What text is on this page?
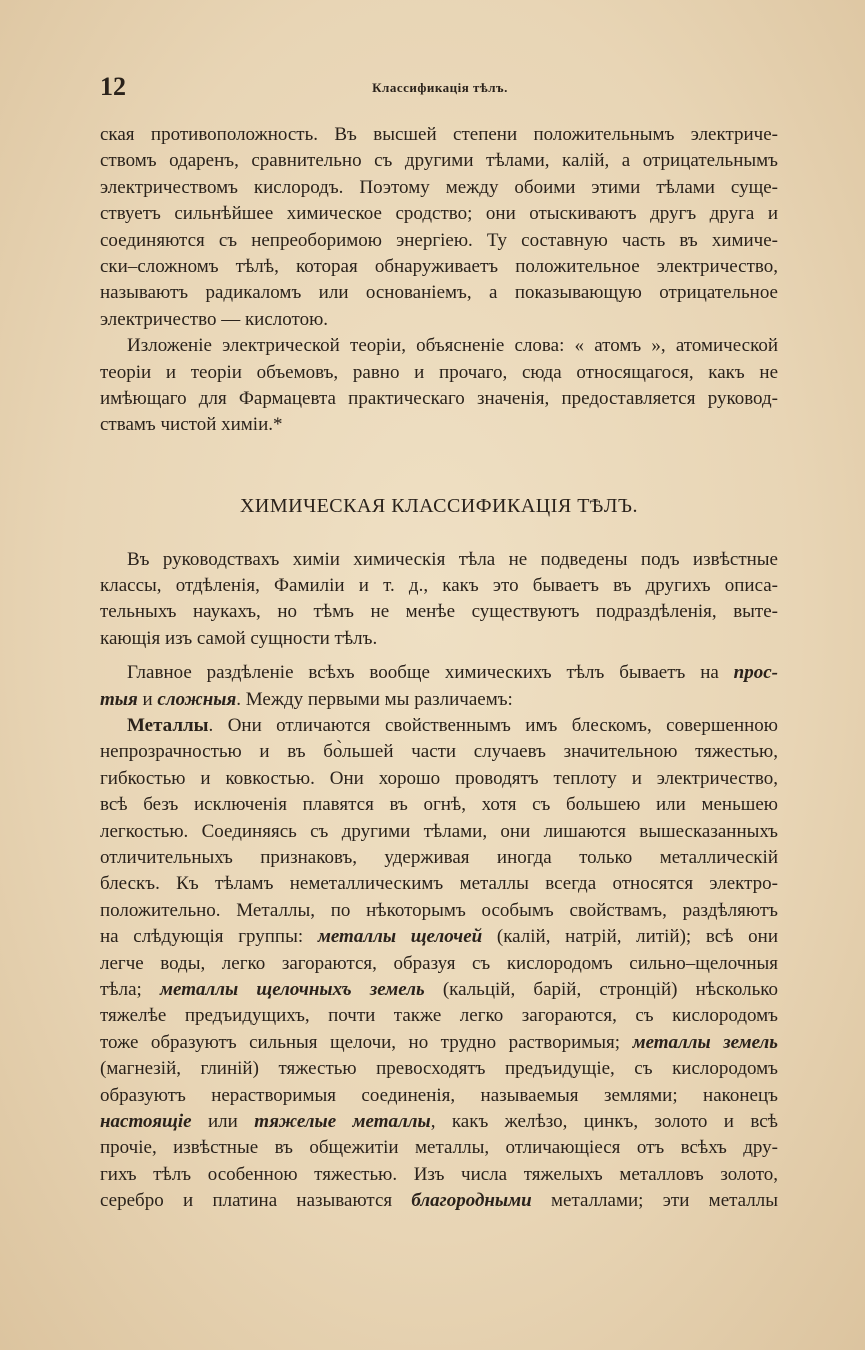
12	Классификація тѣлъ.
ская противоположность. Въ высшей степени положительнымъ электриче-
ствомъ одаренъ, сравнительно съ другими тѣлами, калій, а отрицательнымъ
электричествомъ кислородъ. Поэтому между обоими этими тѣлами суще-
ствуетъ сильнѣйшее химическое сродство; они отыскиваютъ другъ друга и
соединяются съ непреоборимою энергіею. Ту составную часть въ химиче-
ски–сложномъ тѣлѣ, которая обнаруживаетъ положительное электричество,
называютъ радикаломъ или основаніемъ, а показывающую отрицательное
электричество — кислотою.
Изложеніе электрической теоріи, объясненіе слова: « атомъ », атомической
теоріи и теоріи объемовъ, равно и прочаго, сюда относящагося, какъ не
имѣющаго для Фармацевта практическаго значенія, предоставляется руковод-
ствамъ чистой химіи.*
ХИМИЧЕСКАЯ КЛАССИФИКАЦІЯ ТѢЛЪ.
Въ руководствахъ химіи химическія тѣла не подведены подъ извѣстные
классы, отдѣленія, Фамиліи и т. д., какъ это бываетъ въ другихъ описа-
тельныхъ наукахъ, но тѣмъ не менѣе существуютъ подраздѣленія, выте-
кающія изъ самой сущности тѣлъ.
Главное раздѣленіе всѣхъ вообще химическихъ тѣлъ бываетъ на прос-
тыя и сложныя. Между первыми мы различаемъ:
Металлы. Они отличаются свойственнымъ имъ блескомъ, совершенною
непрозрачностью и въ бо̀льшей части случаевъ значительною тяжестью,
гибкостью и ковкостью. Они хорошо проводятъ теплоту и электричество,
всѣ безъ исключенія плавятся въ огнѣ, хотя съ большею или меньшею
легкостью. Соединяясь съ другими тѣлами, они лишаются вышесказанныхъ
отличительныхъ признаковъ, удерживая иногда только металлическій
блескъ. Къ тѣламъ неметаллическимъ металлы всегда относятся электро-
положительно. Металлы, по нѣкоторымъ особымъ свойствамъ, раздѣляютъ
на слѣдующія группы: металлы щелочей (калій, натрій, литій); всѣ они
легче воды, легко загораются, образуя съ кислородомъ сильно–щелочныя
тѣла; металлы щелочныхъ земель (кальцій, барій, стронцій) нѣсколько
тяжелѣе предъидущихъ, почти также легко загораются, съ кислородомъ
тоже образуютъ сильныя щелочи, но трудно растворимыя; металлы земель
(магнезій, глиній) тяжестью превосходятъ предъидущіе, съ кислородомъ
образуютъ нерастворимыя соединенія, называемыя землями; наконецъ
настоящіе или тяжелые металлы, какъ желѣзо, цинкъ, золото и всѣ
прочіе, извѣстные въ общежитіи металлы, отличающіеся отъ всѣхъ дру-
гихъ тѣлъ особенною тяжестью. Изъ числа тяжелыхъ металловъ золото,
серебро и платина называются благородными металлами; эти металлы
